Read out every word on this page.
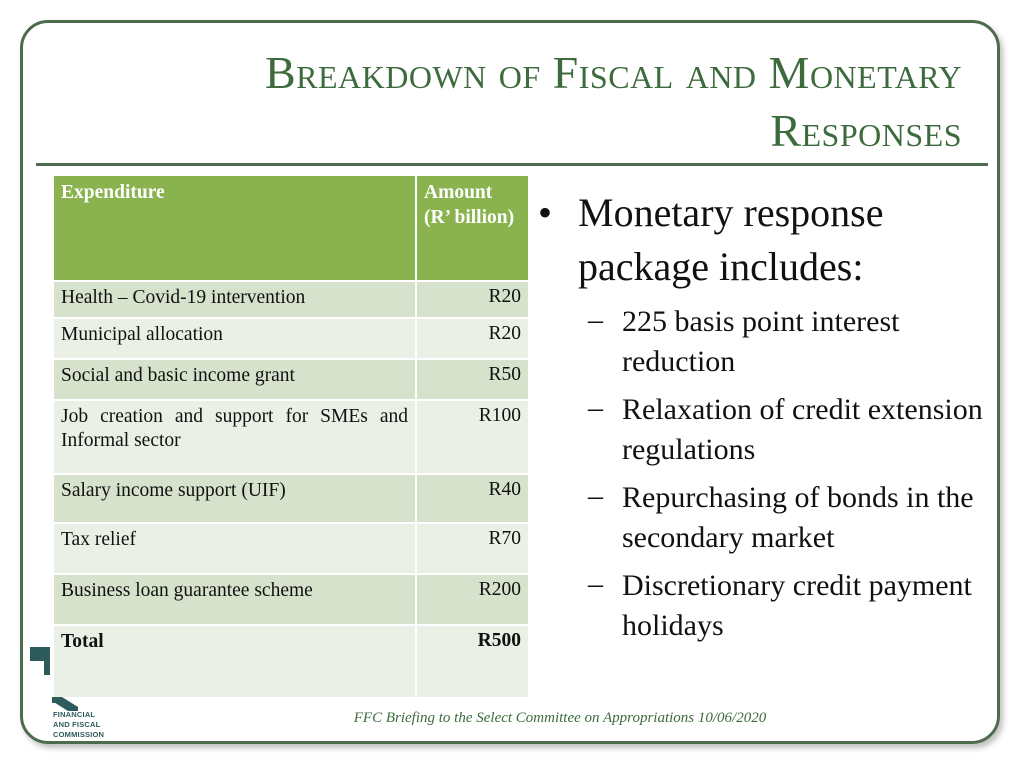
Breakdown of Fiscal and Monetary Responses
Expenditure	Amount (R’ billion)
Health – Covid-19 intervention	R20
Municipal allocation	R20
Social and basic income grant	R50
Job creation and support for SMEs and Informal sector	R100
Salary income support (UIF)	R40
Tax relief	R70
Business loan guarantee scheme	R200
Total	R500
• Monetary response package includes:
– 225 basis point interest reduction
– Relaxation of credit extension regulations
– Repurchasing of bonds in the secondary market
– Discretionary credit payment holidays
FINANCIAL
AND FISCAL
COMMISSION
FFC Briefing to the Select Committee on Appropriations 10/06/2020
